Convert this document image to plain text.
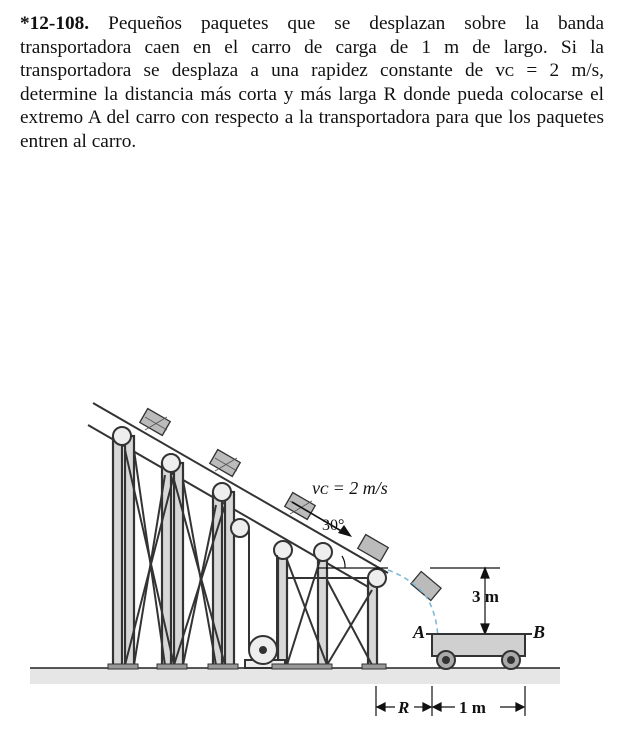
*12-108. Pequeños paquetes que se desplazan sobre la banda transportadora caen en el carro de carga de 1 m de largo. Si la transportadora se desplaza a una rapidez constante de vᴄ = 2 m/s, determine la distancia más corta y más larga R donde pueda colocarse el extremo A del carro con respecto a la transportadora para que los paquetes entren al carro.
vᴄ = 2 m/s
30°
3 m
A	B
R	1 m
